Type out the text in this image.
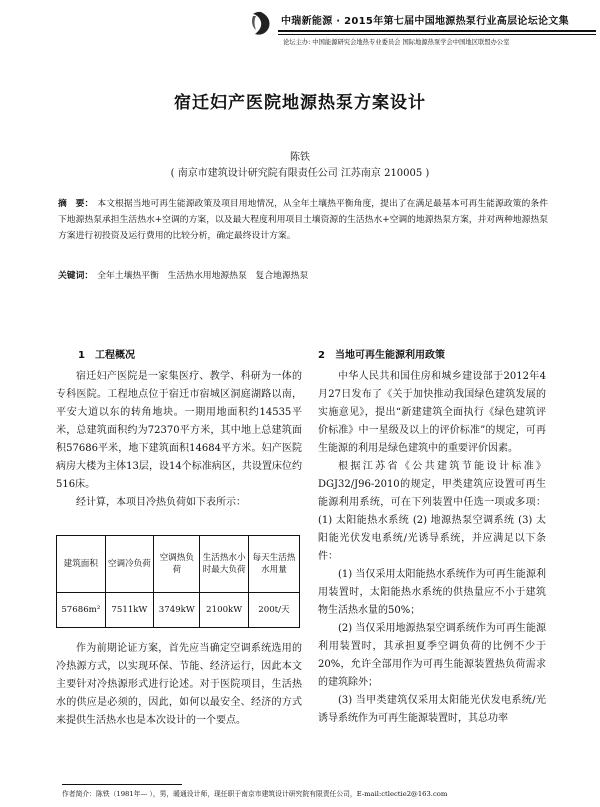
中瑞新能源 · 2015年第七届中国地源热泵行业高层论坛论文集
论坛主办: 中国能源研究会地热专业委员会 国际地源热泵学会中国地区联盟办公室
宿迁妇产医院地源热泵方案设计
陈铁
( 南京市建筑设计研究院有限责任公司 江苏南京 210005 )
摘　要： 本文根据当地可再生能源政策及项目用地情况，从全年土壤热平衡角度，提出了在满足最基本可再生能源政策的条件下地源热泵承担生活热水+空调的方案，以及最大程度利用项目土壤资源的生活热水+空调的地源热泵方案，并对两种地源热泵方案进行初投资及运行费用的比较分析，确定最终设计方案。
关键词： 全年土壤热平衡　生活热水用地源热泵　复合地源热泵
1　工程概况

宿迁妇产医院是一家集医疗、教学、科研为一体的专科医院。工程地点位于宿迁市宿城区洞庭湖路以南，平安大道以东的转角地块。一期用地面积约14535平米，总建筑面积约为72370平方米，其中地上总建筑面积57686平米，地下建筑面积14684平方米。妇产医院病房大楼为主体13层，设14个标准病区，共设置床位约516床。

经计算，本项目冷热负荷如下表所示：

建筑面积	空调冷负荷	空调热负荷	生活热水小时最大负荷	每天生活热水用量
57686m²	7511kW	3749kW	2100kW	200t/天

作为前期论证方案，首先应当确定空调系统选用的冷热源方式，以实现环保、节能、经济运行，因此本文主要针对冷热源形式进行论述。对于医院项目，生活热水的供应是必须的，因此，如何以最安全、经济的方式来提供生活热水也是本次设计的一个要点。

2　当地可再生能源利用政策

中华人民共和国住房和城乡建设部于2012年4月27日发布了《关于加快推动我国绿色建筑发展的实施意见》，提出“新建建筑全面执行《绿色建筑评价标准》中一星级及以上的评价标准”的规定，可再生能源的利用是绿色建筑中的重要评价因素。

根据江苏省《公共建筑节能设计标准》DGJ32/J96-2010的规定，甲类建筑应设置可再生能源利用系统，可在下列装置中任选一项或多项：(1) 太阳能热水系统 (2) 地源热泵空调系统 (3) 太阳能光伏发电系统/光诱导系统，并应满足以下条件：

(1) 当仅采用太阳能热水系统作为可再生能源利用装置时，太阳能热水系统的供热量应不小于建筑物生活热水量的50%；

(2) 当仅采用地源热泵空调系统作为可再生能源利用装置时，其承担夏季空调负荷的比例不少于20%，允许全部用作为可再生能源装置热负荷需求的建筑除外；

(3) 当甲类建筑仅采用太阳能光伏发电系统/光诱导系统作为可再生能源装置时，其总功率

作者简介：陈铁（1981年— ），男，暖通设计师，现任职于南京市建筑设计研究院有限责任公司，E-mail:ctlectie2@163.com
